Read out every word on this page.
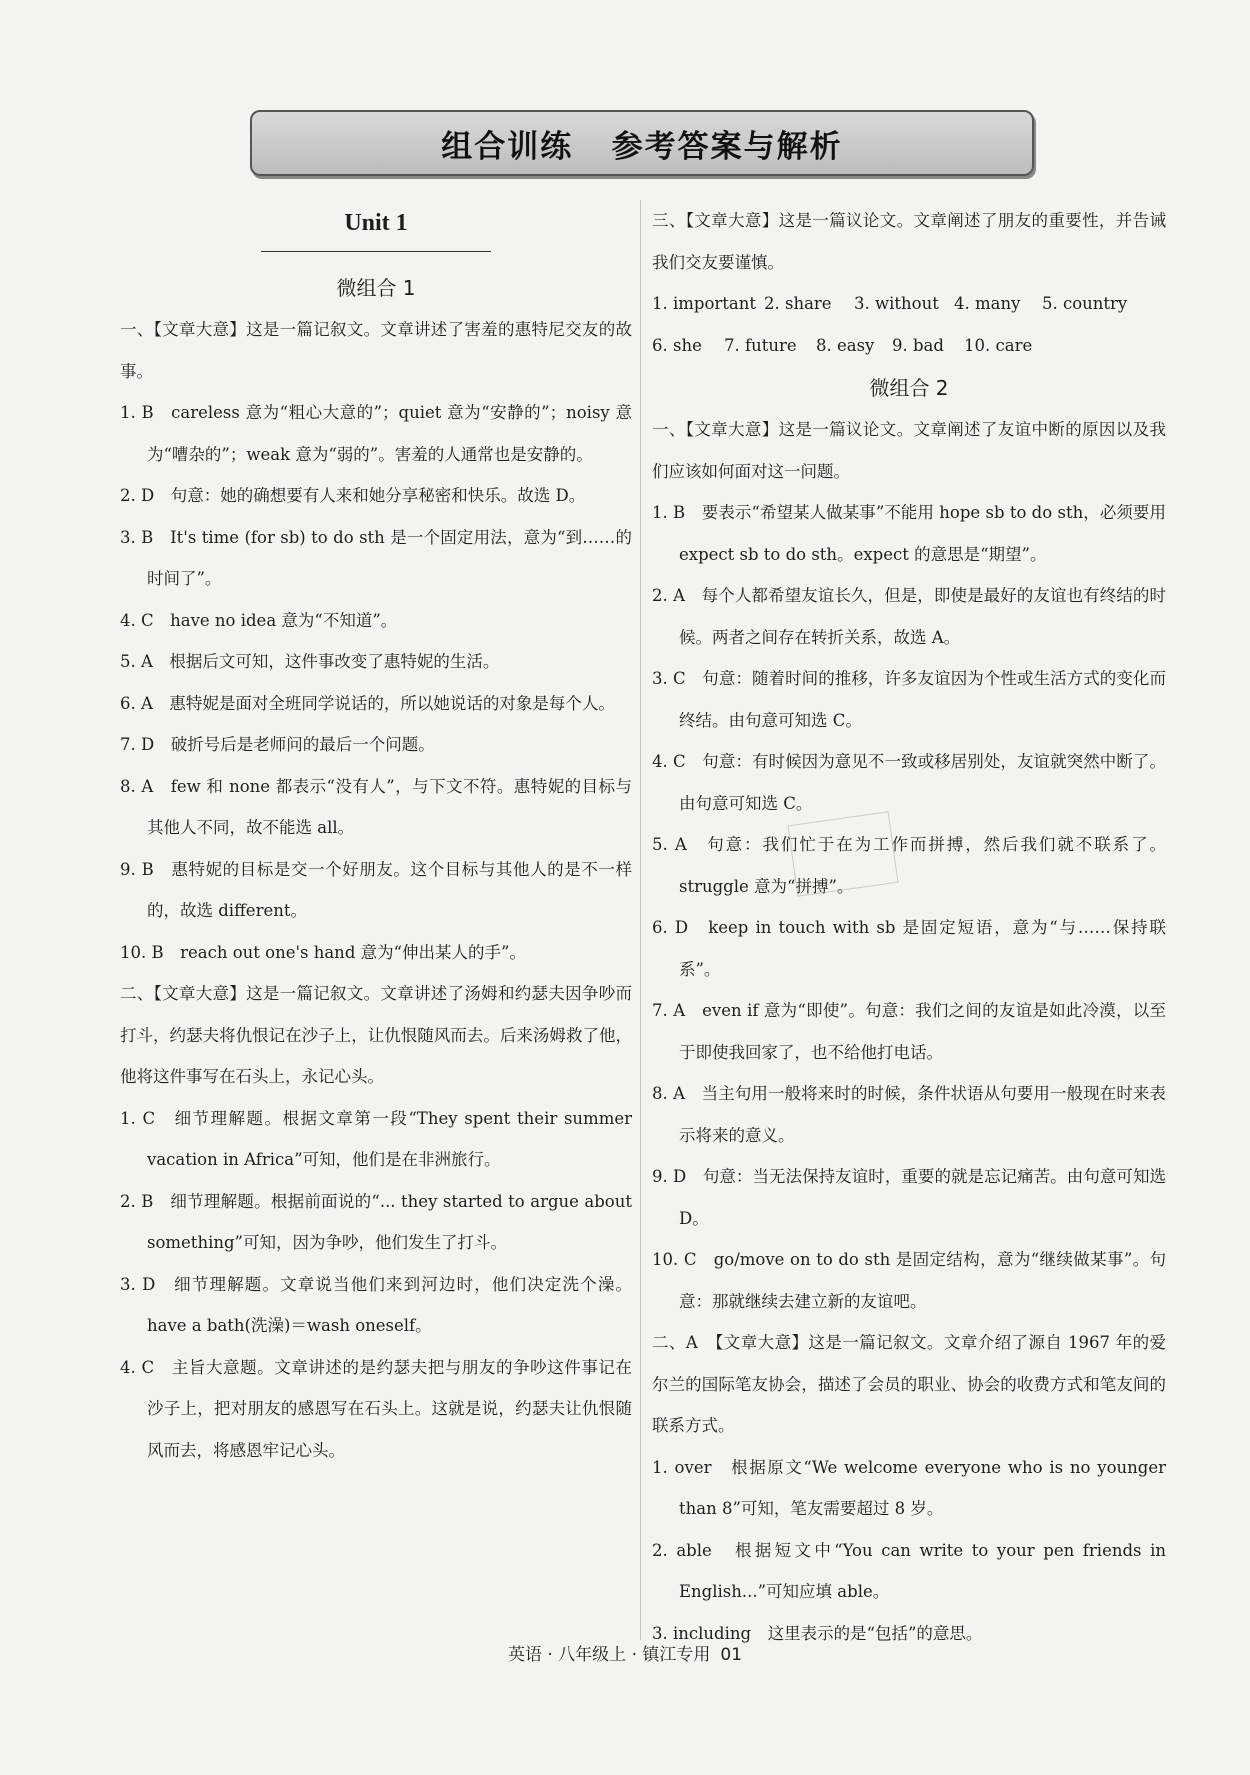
组合训练   参考答案与解析
Unit 1
微组合 1

一、【文章大意】这是一篇记叙文。文章讲述了害羞的惠特尼交友的故事。

1. B　careless 意为“粗心大意的”；quiet 意为“安静的”；noisy 意为“嘈杂的”；weak 意为“弱的”。害羞的人通常也是安静的。

2. D　句意：她的确想要有人来和她分享秘密和快乐。故选 D。

3. B　It's time (for sb) to do sth 是一个固定用法，意为“到……的时间了”。

4. C　have no idea 意为“不知道”。

5. A　根据后文可知，这件事改变了惠特妮的生活。

6. A　惠特妮是面对全班同学说话的，所以她说话的对象是每个人。

7. D　破折号后是老师问的最后一个问题。

8. A　few 和 none 都表示“没有人”，与下文不符。惠特妮的目标与其他人不同，故不能选 all。

9. B　惠特妮的目标是交一个好朋友。这个目标与其他人的是不一样的，故选 different。

10. B　reach out one's hand 意为“伸出某人的手”。

二、【文章大意】这是一篇记叙文。文章讲述了汤姆和约瑟夫因争吵而打斗，约瑟夫将仇恨记在沙子上，让仇恨随风而去。后来汤姆救了他，他将这件事写在石头上，永记心头。

1. C　细节理解题。根据文章第一段“They spent their summer vacation in Africa”可知，他们是在非洲旅行。

2. B　细节理解题。根据前面说的“... they started to argue about something”可知，因为争吵，他们发生了打斗。

3. D　细节理解题。文章说当他们来到河边时，他们决定洗个澡。have a bath(洗澡)＝wash oneself。

4. C　主旨大意题。文章讲述的是约瑟夫把与朋友的争吵这件事记在沙子上，把对朋友的感恩写在石头上。这就是说，约瑟夫让仇恨随风而去，将感恩牢记心头。

三、【文章大意】这是一篇议论文。文章阐述了朋友的重要性，并告诫我们交友要谨慎。

1. important 2. share	3. without 4. many	5. country
6. she	7. future	8. easy	9. bad	10. care
微组合 2

一、【文章大意】这是一篇议论文。文章阐述了友谊中断的原因以及我们应该如何面对这一问题。

1. B　要表示“希望某人做某事”不能用 hope sb to do sth，必须要用 expect sb to do sth。expect 的意思是“期望”。

2. A　每个人都希望友谊长久，但是，即使是最好的友谊也有终结的时候。两者之间存在转折关系，故选 A。

3. C　句意：随着时间的推移，许多友谊因为个性或生活方式的变化而终结。由句意可知选 C。

4. C　句意：有时候因为意见不一致或移居别处，友谊就突然中断了。由句意可知选 C。

5. A　句意：我们忙于在为工作而拼搏，然后我们就不联系了。struggle 意为“拼搏”。

6. D　keep in touch with sb 是固定短语，意为“与……保持联系”。

7. A　even if 意为“即使”。句意：我们之间的友谊是如此冷漠，以至于即使我回家了，也不给他打电话。

8. A　当主句用一般将来时的时候，条件状语从句要用一般现在时来表示将来的意义。

9. D　句意：当无法保持友谊时，重要的就是忘记痛苦。由句意可知选 D。

10. C　go/move on to do sth 是固定结构，意为“继续做某事”。句意：那就继续去建立新的友谊吧。

二、A　【文章大意】这是一篇记叙文。文章介绍了源自 1967 年的爱尔兰的国际笔友协会，描述了会员的职业、协会的收费方式和笔友间的联系方式。

1. over　根据原文“We welcome everyone who is no younger than 8”可知，笔友需要超过 8 岁。

2. able　根据短文中“You can write to your pen friends in English...”可知应填 able。

3. including　这里表示的是“包括”的意思。

英语 · 八年级上 · 镇江专用 01
